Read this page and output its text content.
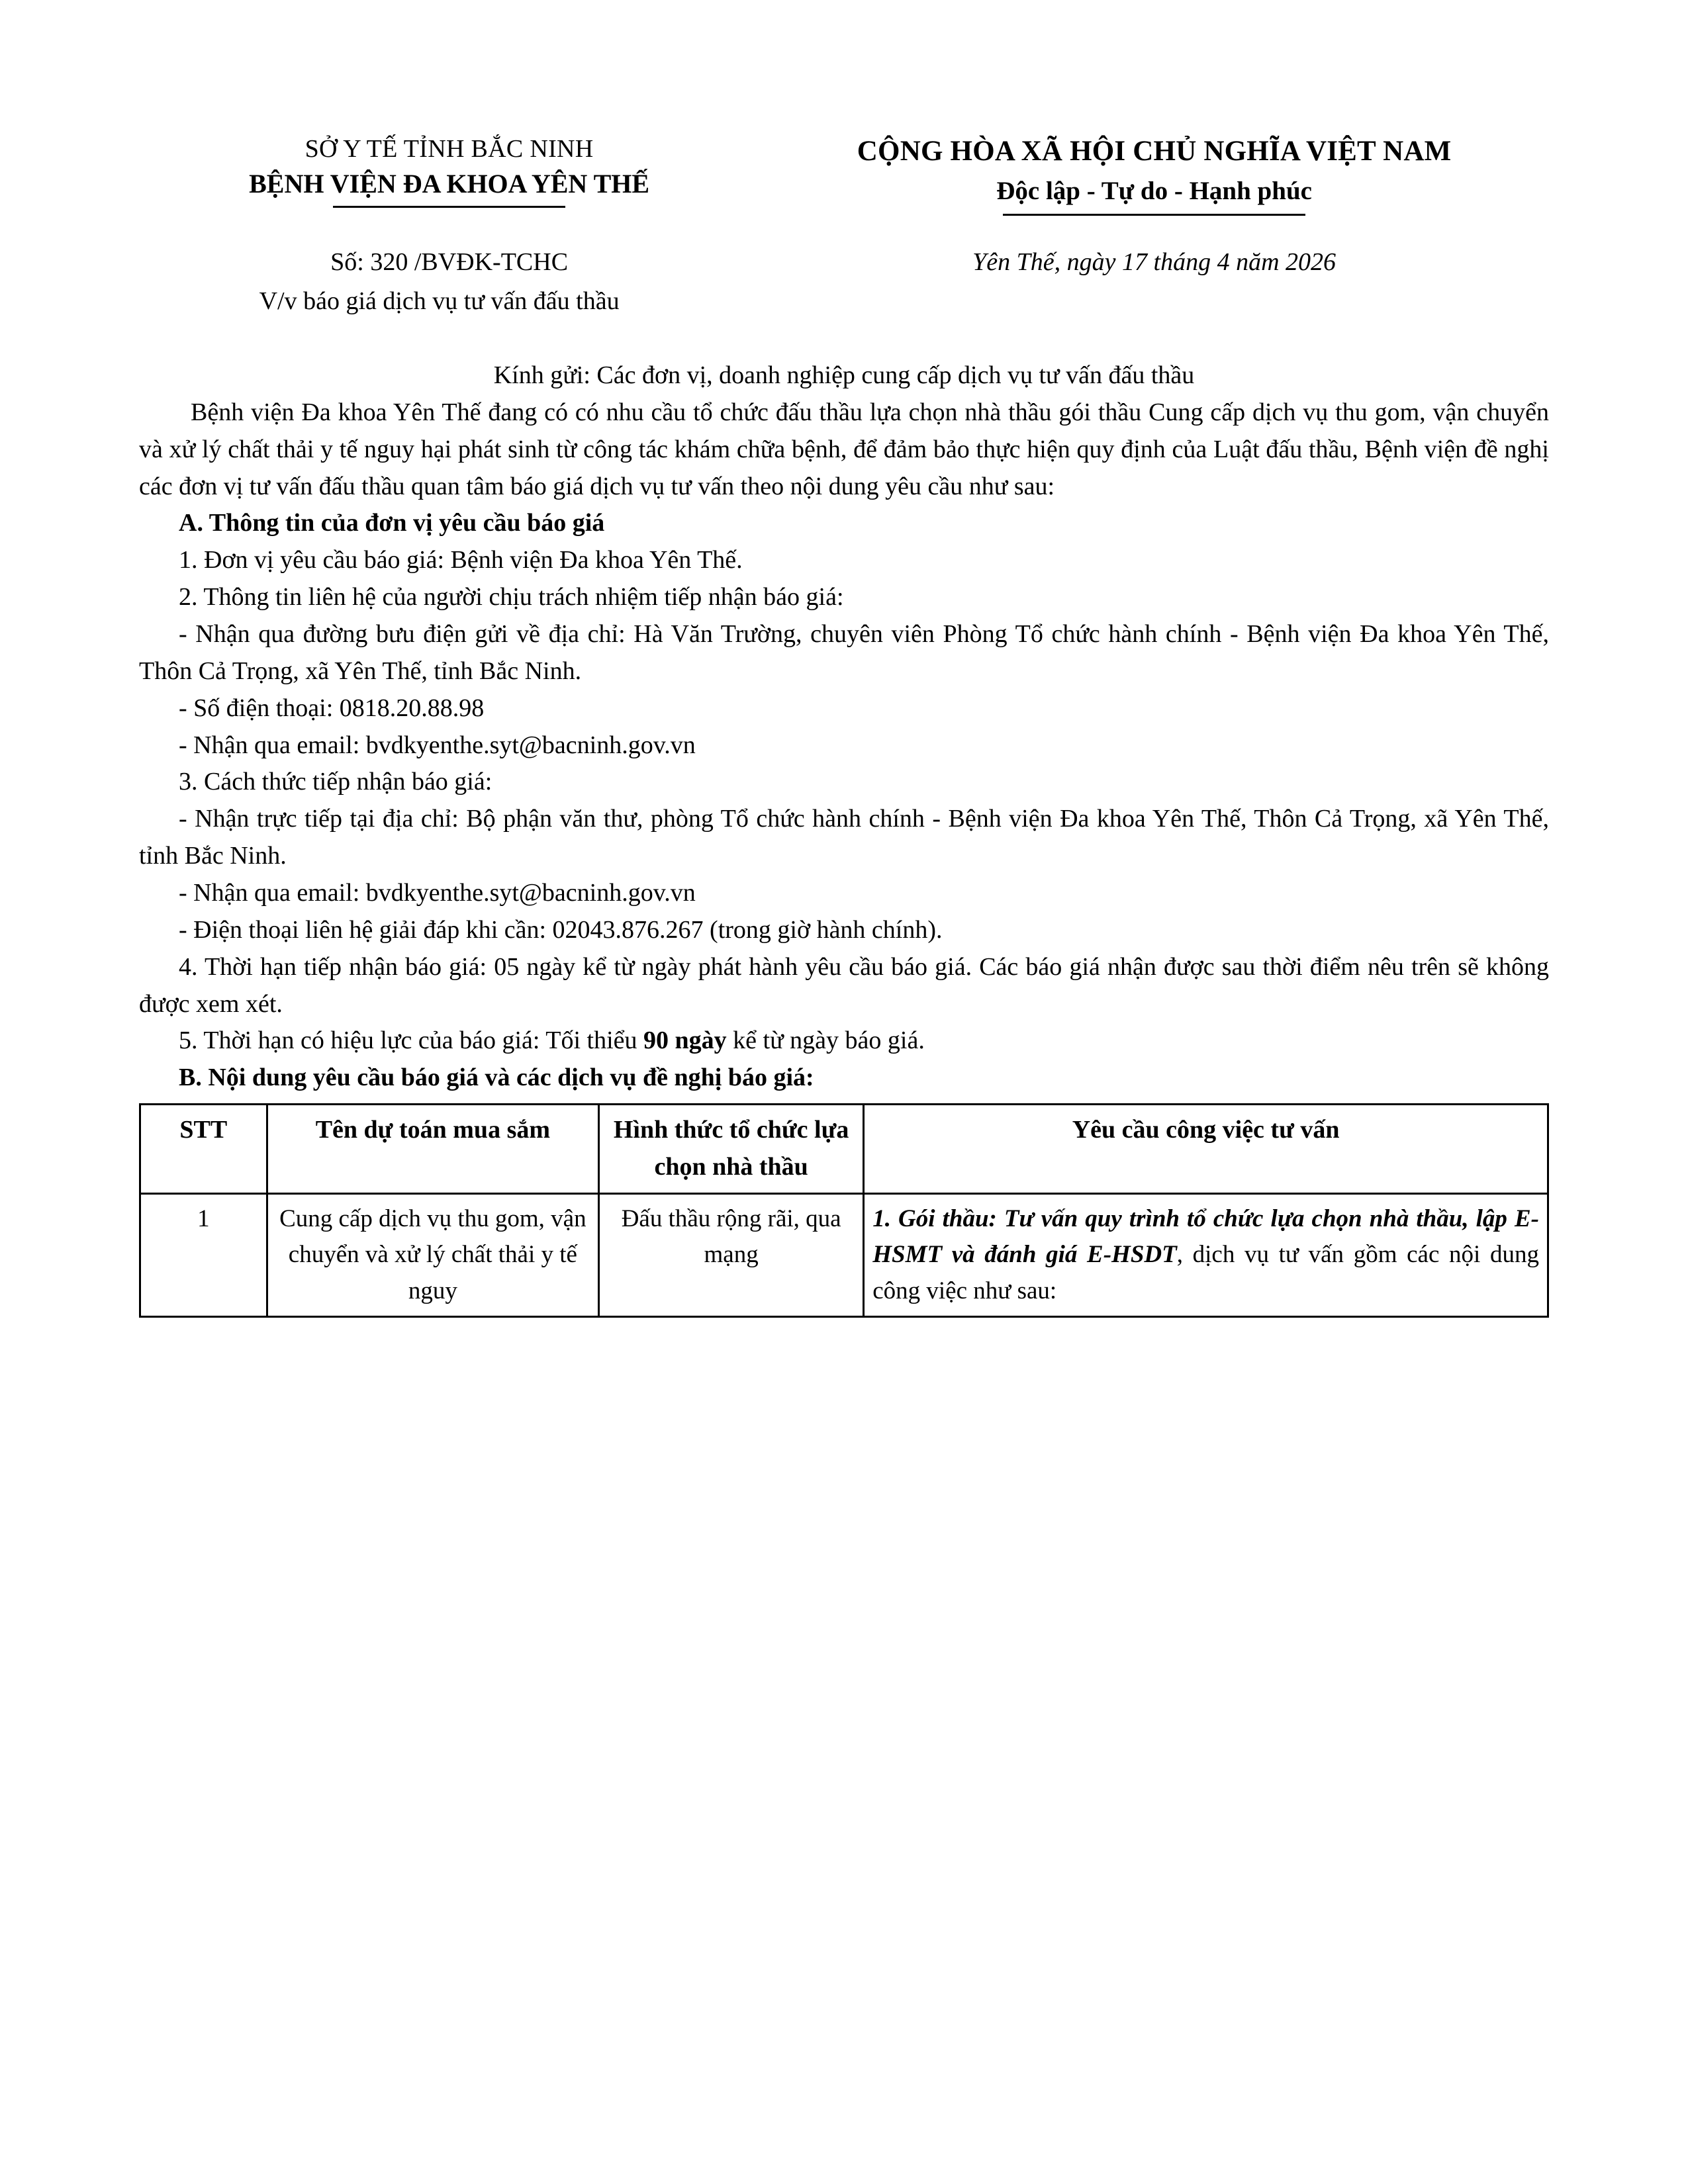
SỞ Y TẾ TỈNH BẮC NINH
BỆNH VIỆN ĐA KHOA YÊN THẾ
CỘNG HÒA XÃ HỘI CHỦ NGHĨA VIỆT NAM
Độc lập - Tự do - Hạnh phúc
Số: 320 /BVĐK-TCHC
V/v báo giá dịch vụ tư vấn đấu thầu
Yên Thế, ngày 17 tháng 4 năm 2026
Kính gửi: Các đơn vị, doanh nghiệp cung cấp dịch vụ tư vấn đấu thầu

Bệnh viện Đa khoa Yên Thế đang có có nhu cầu tổ chức đấu thầu lựa chọn nhà thầu gói thầu Cung cấp dịch vụ thu gom, vận chuyển và xử lý chất thải y tế nguy hại phát sinh từ công tác khám chữa bệnh, để đảm bảo thực hiện quy định của Luật đấu thầu, Bệnh viện đề nghị các đơn vị tư vấn đấu thầu quan tâm báo giá dịch vụ tư vấn theo nội dung yêu cầu như sau:

A. Thông tin của đơn vị yêu cầu báo giá

1. Đơn vị yêu cầu báo giá: Bệnh viện Đa khoa Yên Thế.

2. Thông tin liên hệ của người chịu trách nhiệm tiếp nhận báo giá:

- Nhận qua đường bưu điện gửi về địa chỉ: Hà Văn Trường, chuyên viên Phòng Tổ chức hành chính - Bệnh viện Đa khoa Yên Thế, Thôn Cả Trọng, xã Yên Thế, tỉnh Bắc Ninh.

- Số điện thoại: 0818.20.88.98

- Nhận qua email: bvdkyenthe.syt@bacninh.gov.vn

3. Cách thức tiếp nhận báo giá:

- Nhận trực tiếp tại địa chỉ: Bộ phận văn thư, phòng Tổ chức hành chính - Bệnh viện Đa khoa Yên Thế, Thôn Cả Trọng, xã Yên Thế, tỉnh Bắc Ninh.

- Nhận qua email: bvdkyenthe.syt@bacninh.gov.vn

- Điện thoại liên hệ giải đáp khi cần: 02043.876.267 (trong giờ hành chính).

4. Thời hạn tiếp nhận báo giá: 05 ngày kể từ ngày phát hành yêu cầu báo giá. Các báo giá nhận được sau thời điểm nêu trên sẽ không được xem xét.

5. Thời hạn có hiệu lực của báo giá: Tối thiểu 90 ngày kể từ ngày báo giá.

B. Nội dung yêu cầu báo giá và các dịch vụ đề nghị báo giá:

STT	Tên dự toán mua sắm	Hình thức tổ chức lựa chọn nhà thầu	Yêu cầu công việc tư vấn
1	Cung cấp dịch vụ thu gom, vận chuyển và xử lý chất thải y tế nguy	Đấu thầu rộng rãi, qua mạng	1. Gói thầu: Tư vấn quy trình tổ chức lựa chọn nhà thầu, lập E-HSMT và đánh giá E-HSDT, dịch vụ tư vấn gồm các nội dung công việc như sau:
